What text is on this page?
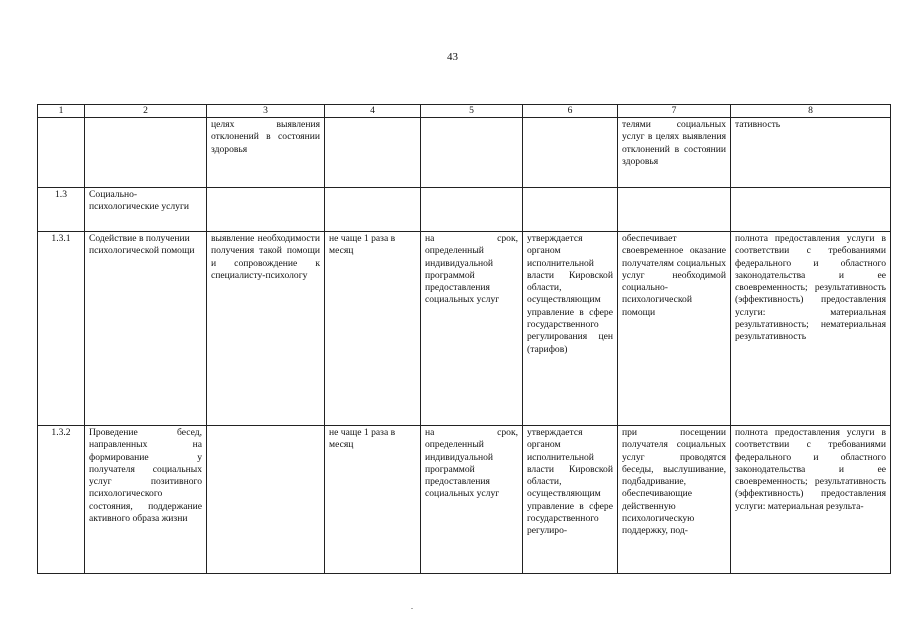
43
1	2	3	4	5	6	7	8
		целях выявления отклонений в состоянии здоровья				телями социальных услуг в целях выявления отклонений в состоянии здоровья	тативность
1.3	Социально-психологические услуги						
1.3.1	Содействие в получении психологической помощи	выявление необходимости получения такой помощи и сопровождение к специалисту-психологу	не чаще 1 раза в месяц	на срок, определенный индивидуальной программой предоставления социальных услуг	утверждается органом исполнительной власти Кировской области, осуществляющим управление в сфере государственного регулирования цен (тарифов)	обеспечивает своевременное оказание получателям социальных услуг необходимой социально-психологической помощи	полнота предоставления услуги в соответствии с требованиями федерального и областного законодательства и ее своевременность; результативность (эффективность) предоставления услуги: материальная результативность; нематериальная результативность
1.3.2	Проведение бесед, направленных на формирование у получателя социальных услуг позитивного психологического состояния, поддержание активного образа жизни		не чаще 1 раза в месяц	на срок, определенный индивидуальной программой предоставления социальных услуг	утверждается органом исполнительной власти Кировской области, осуществляющим управление в сфере государственного регулиро-	при посещении получателя социальных услуг проводятся беседы, выслушивание, подбадривание, обеспечивающие действенную психологическую поддержку, под-	полнота предоставления услуги в соответствии с требованиями федерального и областного законодательства и ее своевременность; результативность (эффективность) предоставления услуги: материальная результа-
